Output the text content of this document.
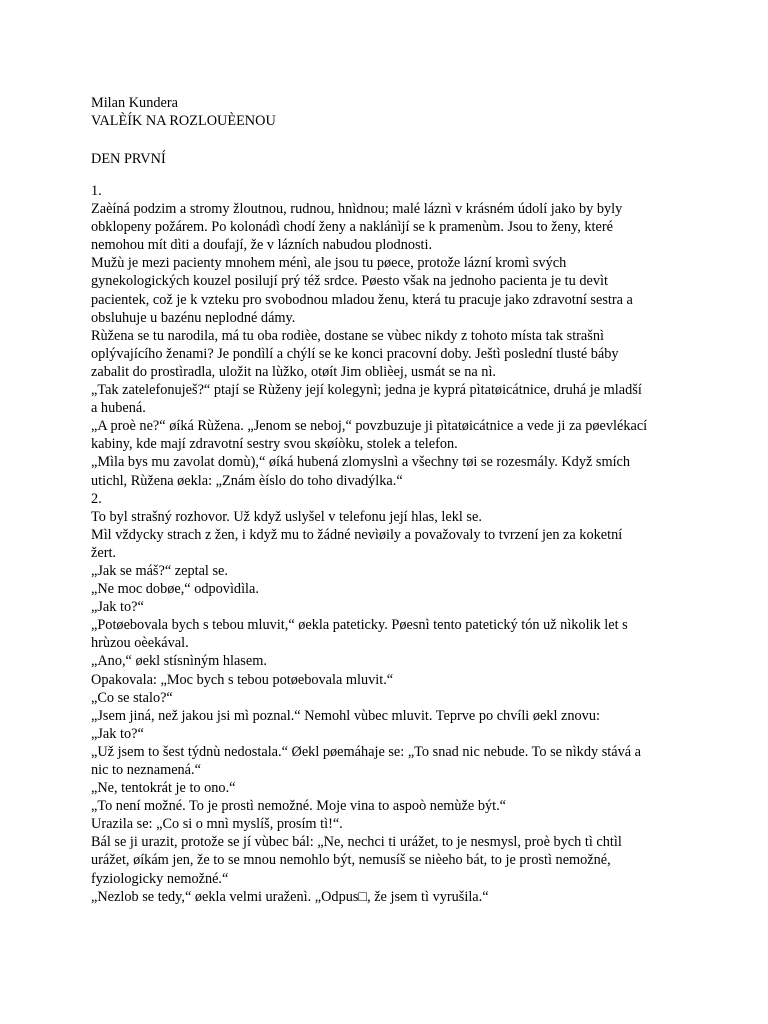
Milan Kundera
VALÈÍK NA ROZLOUÈENOU
DEN PRVNÍ
1.
Zaèíná podzim a stromy žloutnou, rudnou, hnìdnou; malé láznì v krásném údolí jako by byly
obklopeny požárem. Po kolonádì chodí ženy a naklánìjí se k pramenùm. Jsou to ženy, které
nemohou mít dìti a doufají, že v lázních nabudou plodnosti.
Mužù je mezi pacienty mnohem ménì, ale jsou tu pøece, protože lázní kromì svých
gynekologických kouzel posilují prý též srdce. Pøesto však na jednoho pacienta je tu devìt
pacientek, což je k vzteku pro svobodnou mladou ženu, která tu pracuje jako zdravotní sestra a
obsluhuje u bazénu neplodné dámy.
Rùžena se tu narodila, má tu oba rodièe, dostane se vùbec nikdy z tohoto místa tak strašnì
oplývajícího ženami? Je pondìlí a chýlí se ke konci pracovní doby. Ještì poslední tlusté báby
zabalit do prostìradla, uložit na lùžko, otøít Jim oblièej, usmát se na nì.
„Tak zatelefonuješ?“ ptají se Rùženy její kolegynì; jedna je kyprá pìtatøicátnice, druhá je mladší
a hubená.
„A proè ne?“ øíká Rùžena. „Jenom se neboj,“ povzbuzuje ji pìtatøicátnice a vede ji za pøevlékací
kabiny, kde mají zdravotní sestry svou skøíòku, stolek a telefon.
„Mìla bys mu zavolat domù),“ øíká hubená zlomyslnì a všechny tøi se rozesmály. Když smích
utichl, Rùžena øekla: „Znám èíslo do toho divadýlka.“
2.
To byl strašný rozhovor. Už když uslyšel v telefonu její hlas, lekl se.
Mìl vždycky strach z žen, i když mu to žádné nevìøily a považovaly to tvrzení jen za koketní
žert.
„Jak se máš?“ zeptal se.
„Ne moc dobøe,“ odpovìdìla.
„Jak to?“
„Potøebovala bych s tebou mluvit,“ øekla pateticky. Pøesnì tento patetický tón už nìkolik let s
hrùzou oèekával.
„Ano,“ øekl stísnìným hlasem.
Opakovala: „Moc bych s tebou potøebovala mluvit.“
„Co se stalo?“
„Jsem jiná, než jakou jsi mì poznal.“ Nemohl vùbec mluvit. Teprve po chvíli øekl znovu:
„Jak to?“
„Už jsem to šest týdnù nedostala.“ Øekl pøemáhaje se: „To snad nic nebude. To se nìkdy stává a
nic to neznamená.“
„Ne, tentokrát je to ono.“
„To není možné. To je prostì nemožné. Moje vina to aspoò nemùže být.“
Urazila se: „Co si o mnì myslíš, prosím tì!“.
Bál se ji urazit, protože se jí vùbec bál: „Ne, nechci ti urážet, to je nesmysl, proè bych tì chtìl
urážet, øíkám jen, že to se mnou nemohlo být, nemusíš se nièeho bát, to je prostì nemožné,
fyziologicky nemožné.“
„Nezlob se tedy,“ øekla velmi uraženì. „Odpus□, že jsem tì vyrušila.“
